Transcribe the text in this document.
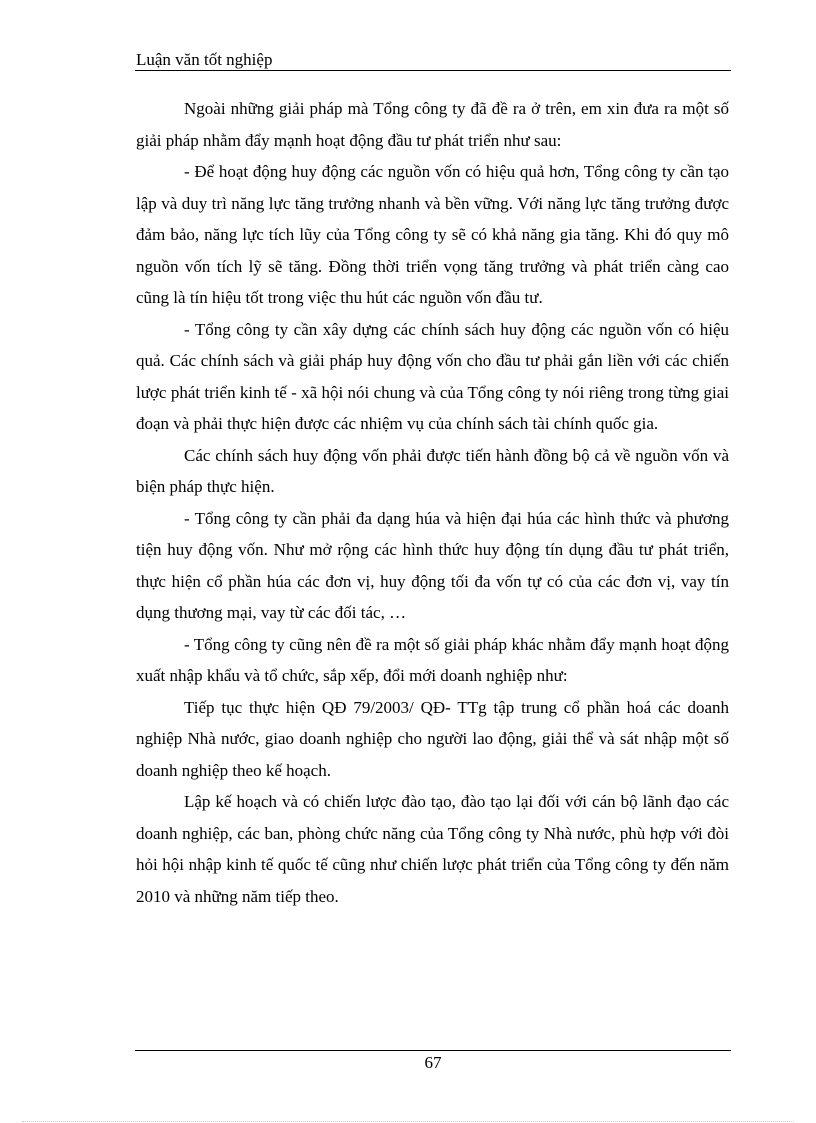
Luận văn tốt nghiệp

Ngoài những giải pháp mà Tổng công ty đã đề ra ở trên, em xin đưa ra một số giải pháp nhằm đẩy mạnh hoạt động đầu tư phát triển như sau:

- Để hoạt động huy động các nguồn vốn có hiệu quả hơn, Tổng công ty cần tạo lập và duy trì năng lực tăng trưởng nhanh và bền vững. Với năng lực tăng trưởng được đảm bảo, năng lực tích lũy của Tổng công ty sẽ có khả năng gia tăng. Khi đó quy mô nguồn vốn tích lỹ sẽ tăng. Đồng thời triển vọng tăng trưởng và phát triển càng cao cũng là tín hiệu tốt trong việc thu hút các nguồn vốn đầu tư.

- Tổng công ty cần xây dựng các chính sách huy động các nguồn vốn có hiệu quả. Các chính sách và giải pháp huy động vốn cho đầu tư phải gắn liền với các chiến lược phát triển kinh tế - xã hội nói chung và của Tổng công ty nói riêng trong từng giai đoạn và phải thực hiện được các nhiệm vụ của chính sách tài chính quốc gia.

Các chính sách huy động vốn phải được tiến hành đồng bộ cả về nguồn vốn và biện pháp thực hiện.

- Tổng công ty cần phải đa dạng húa và hiện đại húa các hình thức và phương tiện huy động vốn. Như mở rộng các hình thức huy động tín dụng đầu tư phát triển, thực hiện cổ phần húa các đơn vị, huy động tối đa vốn tự có của các đơn vị, vay tín dụng thương mại, vay từ các đối tác, …

- Tổng công ty cũng nên đề ra một số giải pháp khác nhằm đẩy mạnh hoạt động xuất nhập khẩu và tổ chức, sắp xếp, đổi mới doanh nghiệp như:

Tiếp tục thực hiện QĐ 79/2003/ QĐ- TTg tập trung cổ phần hoá các doanh nghiệp Nhà nước, giao doanh nghiệp cho người lao động, giải thể và sát nhập một số doanh nghiệp theo kế hoạch.

Lập kế hoạch và có chiến lược đào tạo, đào tạo lại đối với cán bộ lãnh đạo các doanh nghiệp, các ban, phòng chức năng của Tổng công ty Nhà nước, phù hợp với đòi hỏi hội nhập kinh tế quốc tế cũng như chiến lược phát triển của Tổng công ty đến năm 2010 và những năm tiếp theo.

67
